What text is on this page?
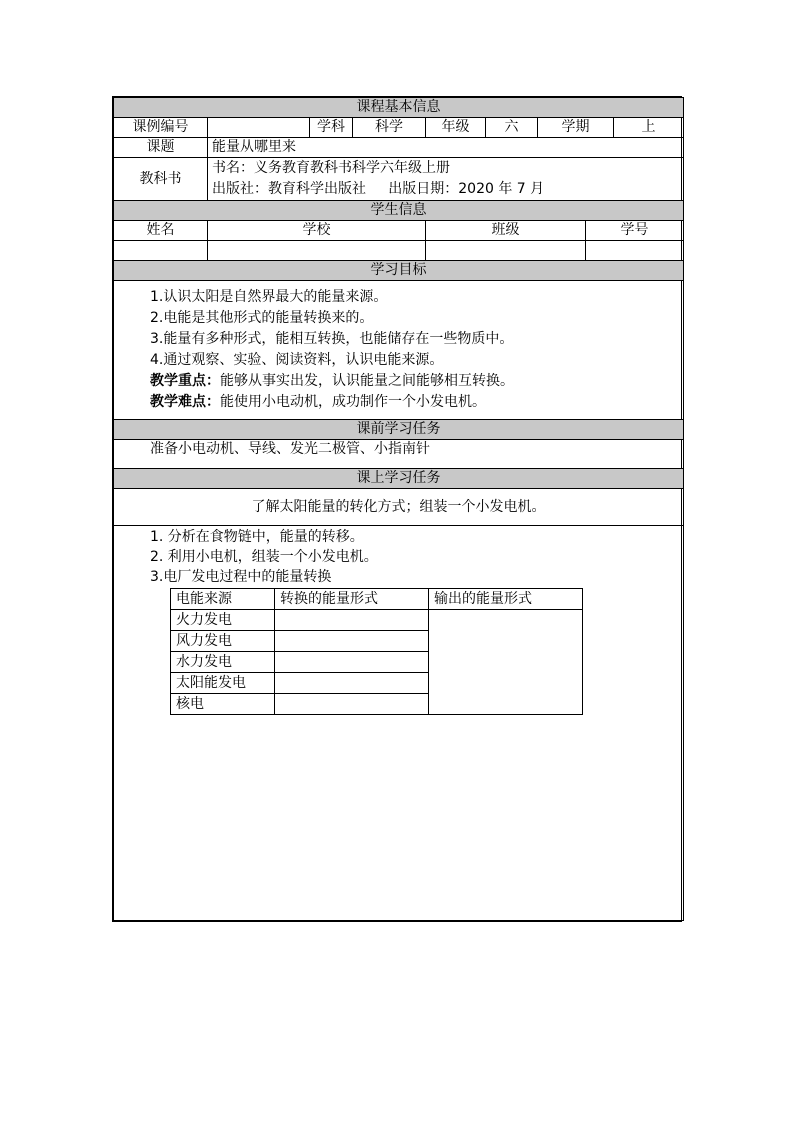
课程基本信息
课例编号		学科	科学	年级	六	学期	上
课题	能量从哪里来
教科书	
书名：义务教育教科书科学六年级上册
出版社：教育科学出版社     出版日期：2020 年 7 月

学生信息
姓名	学校	班级	学号

学习目标

1.认识太阳是自然界最大的能量来源。
2.电能是其他形式的能量转换来的。
3.能量有多种形式，能相互转换，也能储存在一些物质中。
4.通过观察、实验、阅读资料，认识电能来源。
教学重点：能够从事实出发，认识能量之间能够相互转换。
教学难点：能使用小电动机，成功制作一个小发电机。

课前学习任务
准备小电动机、导线、发光二极管、小指南针
课上学习任务
了解太阳能量的转化方式；组装一个小发电机。

1. 分析在食物链中，能量的转移。
2. 利用小电机，组装一个小发电机。
3.电厂发电过程中的能量转换
电能来源	转换的能量形式	输出的能量形式
火力发电		
风力发电	
水力发电	
太阳能发电	
核电	
